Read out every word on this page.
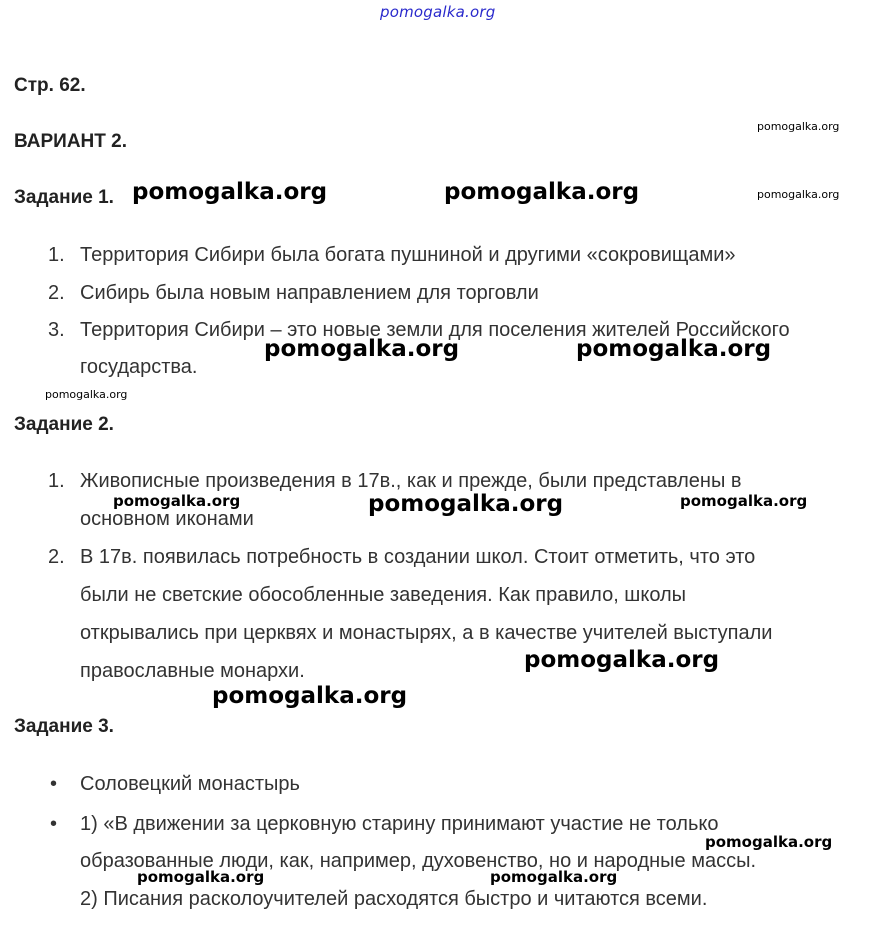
pomogalka.org
Стр. 62.
ВАРИАНТ 2.
Задание 1.
1. Территория Сибири была богата пушниной и другими «сокровищами»
2. Сибирь была новым направлением для торговли
3. Территория Сибири – это новые земли для поселения жителей Российского
государства.
Задание 2.
1. Живописные произведения в 17в., как и прежде, были представлены в
основном иконами
2. В 17в. появилась потребность в создании школ. Стоит отметить, что это
были не светские обособленные заведения. Как правило, школы
открывались при церквях и монастырях, а в качестве учителей выступали
православные монархи.
Задание 3.
• Соловецкий монастырь
• 1) «В движении за церковную старину принимают участие не только
образованные люди, как, например, духовенство, но и народные массы.
2) Писания расколоучителей расходятся быстро и читаются всеми.
pomogalka.org
pomogalka.org	pomogalka.org	pomogalka.org
pomogalka.org	pomogalka.org
pomogalka.org
pomogalka.org	pomogalka.org	pomogalka.org
pomogalka.org
pomogalka.org
pomogalka.org
pomogalka.org	pomogalka.org
